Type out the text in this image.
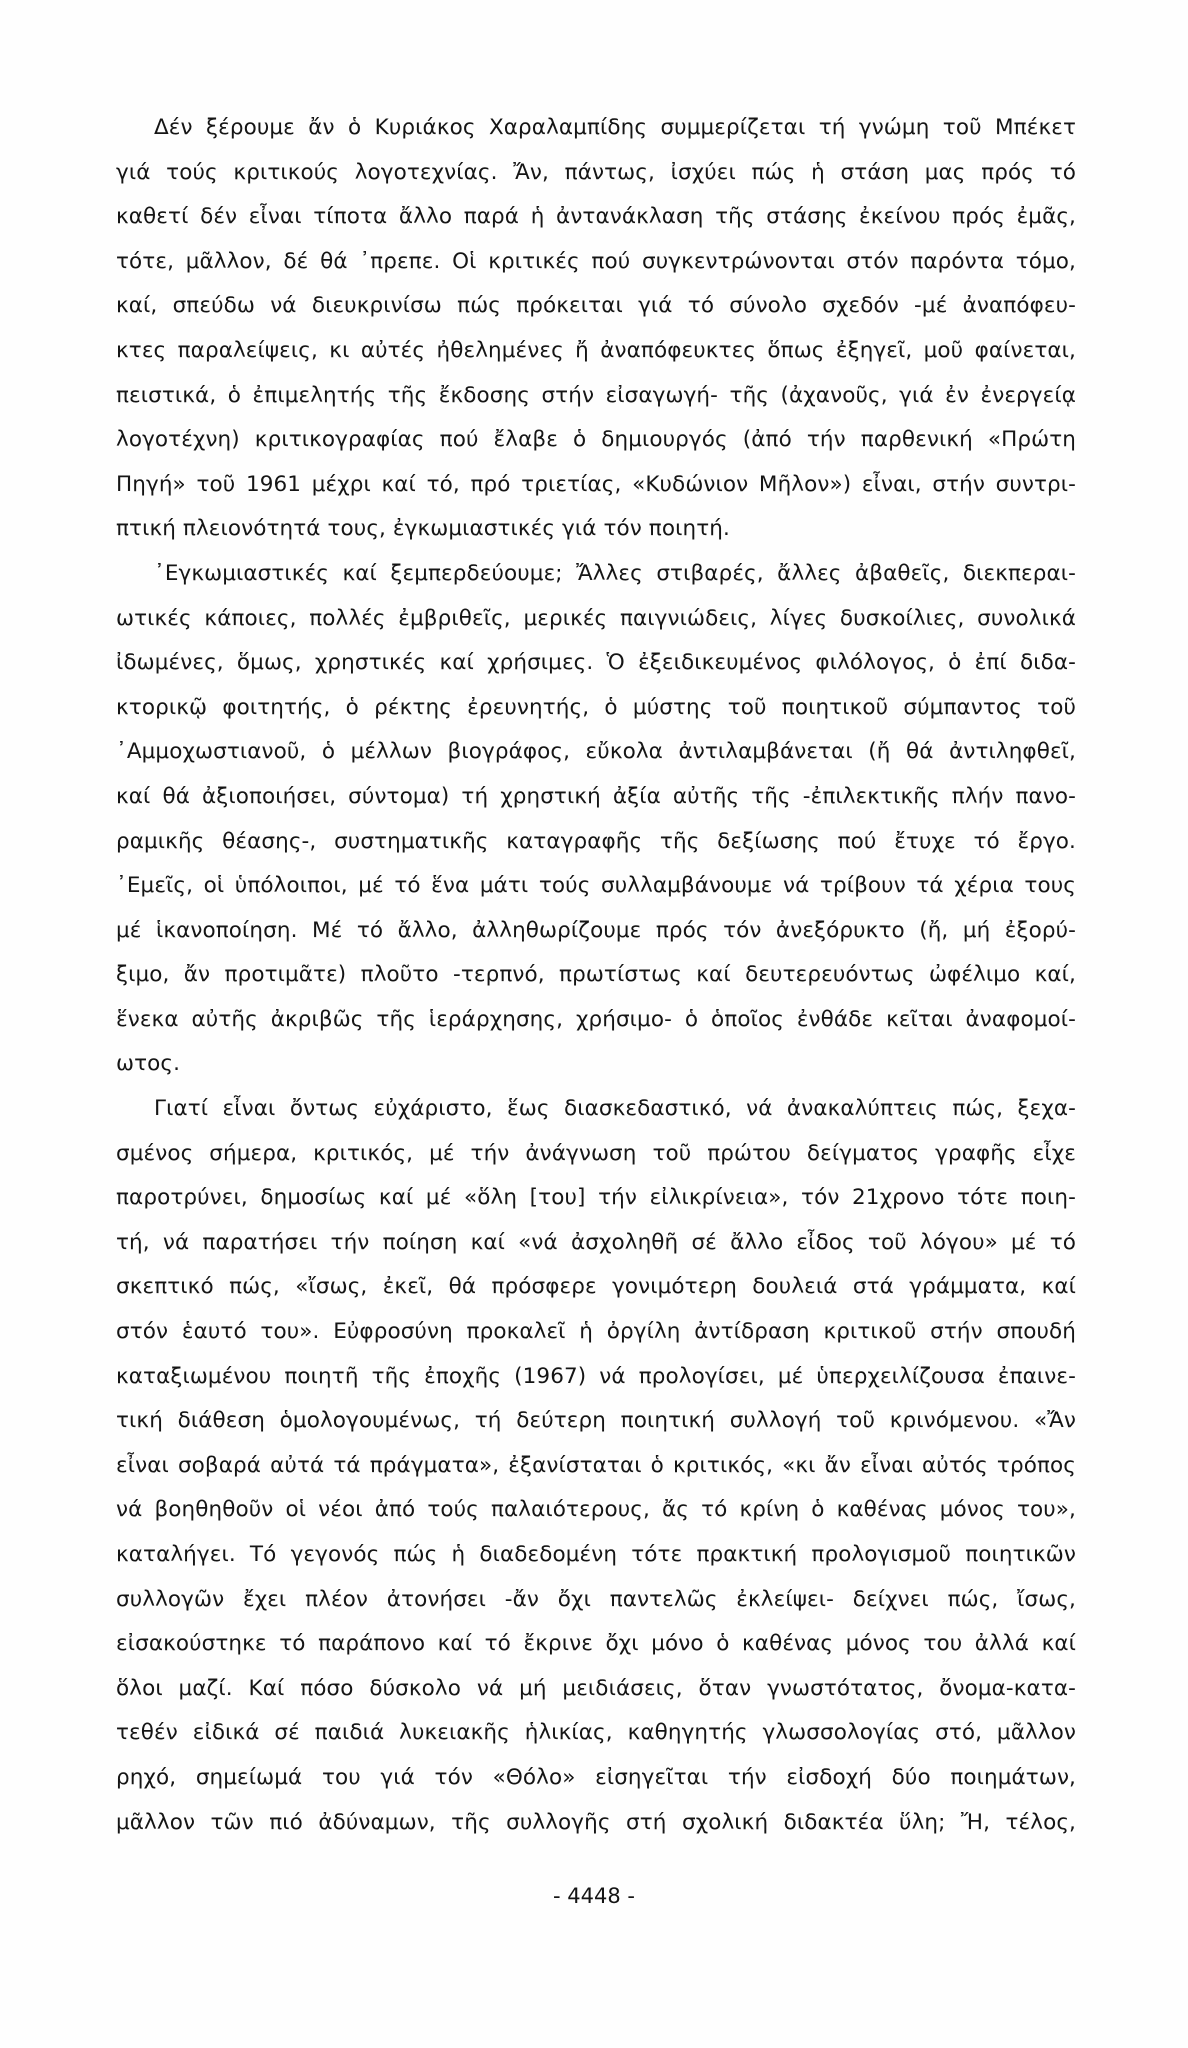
Δέν ξέρουμε ἄν ὁ Κυριάκος Χαραλαμπίδης συμμερίζεται τή γνώμη τοῦ Μπέκετ
γιά τούς κριτικούς λογοτεχνίας. Ἄν, πάντως, ἰσχύει πώς ἡ στάση μας πρός τό
καθετί δέν εἶναι τίποτα ἄλλο παρά ἡ ἀντανάκλαση τῆς στάσης ἐκείνου πρός ἐμᾶς,
τότε, μᾶλλον, δέ θά ᾿πρεπε. Οἱ κριτικές πού συγκεντρώνονται στόν παρόντα τόμο,
καί, σπεύδω νά διευκρινίσω πώς πρόκειται γιά τό σύνολο σχεδόν -μέ ἀναπόφευ-
κτες παραλείψεις, κι αὐτές ἠθελημένες ἤ ἀναπόφευκτες ὅπως ἐξηγεῖ, μοῦ φαίνεται,
πειστικά, ὁ ἐπιμελητής τῆς ἔκδοσης στήν εἰσαγωγή- τῆς (ἀχανοῦς, γιά ἐν ἐνεργείᾳ
λογοτέχνη) κριτικογραφίας πού ἔλαβε ὁ δημιουργός (ἀπό τήν παρθενική «Πρώτη
Πηγή» τοῦ 1961 μέχρι καί τό, πρό τριετίας, «Κυδώνιον Μῆλον») εἶναι, στήν συντρι-
πτική πλειονότητά τους, ἐγκωμιαστικές γιά τόν ποιητή.
᾿Εγκωμιαστικές καί ξεμπερδεύουμε; Ἄλλες στιβαρές, ἄλλες ἀβαθεῖς, διεκπεραι-
ωτικές κάποιες, πολλές ἐμβριθεῖς, μερικές παιγνιώδεις, λίγες δυσκοίλιες, συνολικά
ἰδωμένες, ὅμως, χρηστικές καί χρήσιμες. Ὁ ἐξειδικευμένος φιλόλογος, ὁ ἐπί διδα-
κτορικῷ φοιτητής, ὁ ρέκτης ἐρευνητής, ὁ μύστης τοῦ ποιητικοῦ σύμπαντος τοῦ
᾿Αμμοχωστιανοῦ, ὁ μέλλων βιογράφος, εὔκολα ἀντιλαμβάνεται (ἤ θά ἀντιληφθεῖ,
καί θά ἀξιοποιήσει, σύντομα) τή χρηστική ἀξία αὐτῆς τῆς -ἐπιλεκτικῆς πλήν πανο-
ραμικῆς θέασης-, συστηματικῆς καταγραφῆς τῆς δεξίωσης πού ἔτυχε τό ἔργο.
᾿Εμεῖς, οἱ ὑπόλοιποι, μέ τό ἕνα μάτι τούς συλλαμβάνουμε νά τρίβουν τά χέρια τους
μέ ἱκανοποίηση. Μέ τό ἄλλο, ἀλληθωρίζουμε πρός τόν ἀνεξόρυκτο (ἤ, μή ἐξορύ-
ξιμο, ἄν προτιμᾶτε) πλοῦτο -τερπνό, πρωτίστως καί δευτερευόντως ὠφέλιμο καί,
ἕνεκα αὐτῆς ἀκριβῶς τῆς ἱεράρχησης, χρήσιμο- ὁ ὁποῖος ἐνθάδε κεῖται ἀναφομοί-
ωτος.
Γιατί εἶναι ὄντως εὐχάριστο, ἕως διασκεδαστικό, νά ἀνακαλύπτεις πώς, ξεχα-
σμένος σήμερα, κριτικός, μέ τήν ἀνάγνωση τοῦ πρώτου δείγματος γραφῆς εἶχε
παροτρύνει, δημοσίως καί μέ «ὅλη [του] τήν εἰλικρίνεια», τόν 21χρονο τότε ποιη-
τή, νά παρατήσει τήν ποίηση καί «νά ἀσχοληθῆ σέ ἄλλο εἶδος τοῦ λόγου» μέ τό
σκεπτικό πώς, «ἴσως, ἐκεῖ, θά πρόσφερε γονιμότερη δουλειά στά γράμματα, καί
στόν ἑαυτό του». Εὐφροσύνη προκαλεῖ ἡ ὀργίλη ἀντίδραση κριτικοῦ στήν σπουδή
καταξιωμένου ποιητῆ τῆς ἐποχῆς (1967) νά προλογίσει, μέ ὑπερχειλίζουσα ἐπαινε-
τική διάθεση ὁμολογουμένως, τή δεύτερη ποιητική συλλογή τοῦ κρινόμενου. «Ἄν
εἶναι σοβαρά αὐτά τά πράγματα», ἐξανίσταται ὁ κριτικός, «κι ἄν εἶναι αὐτός τρόπος
νά βοηθηθοῦν οἱ νέοι ἀπό τούς παλαιότερους, ἄς τό κρίνη ὁ καθένας μόνος του»,
καταλήγει. Τό γεγονός πώς ἡ διαδεδομένη τότε πρακτική προλογισμοῦ ποιητικῶν
συλλογῶν ἔχει πλέον ἀτονήσει -ἄν ὄχι παντελῶς ἐκλείψει- δείχνει πώς, ἴσως,
εἰσακούστηκε τό παράπονο καί τό ἔκρινε ὄχι μόνο ὁ καθένας μόνος του ἀλλά καί
ὅλοι μαζί. Καί πόσο δύσκολο νά μή μειδιάσεις, ὅταν γνωστότατος, ὄνομα-κατα-
τεθέν εἰδικά σέ παιδιά λυκειακῆς ἡλικίας, καθηγητής γλωσσολογίας στό, μᾶλλον
ρηχό, σημείωμά του γιά τόν «Θόλο» εἰσηγεῖται τήν εἰσδοχή δύο ποιημάτων,
μᾶλλον τῶν πιό ἀδύναμων, τῆς συλλογῆς στή σχολική διδακτέα ὕλη; Ἤ, τέλος,
- 4448 -
